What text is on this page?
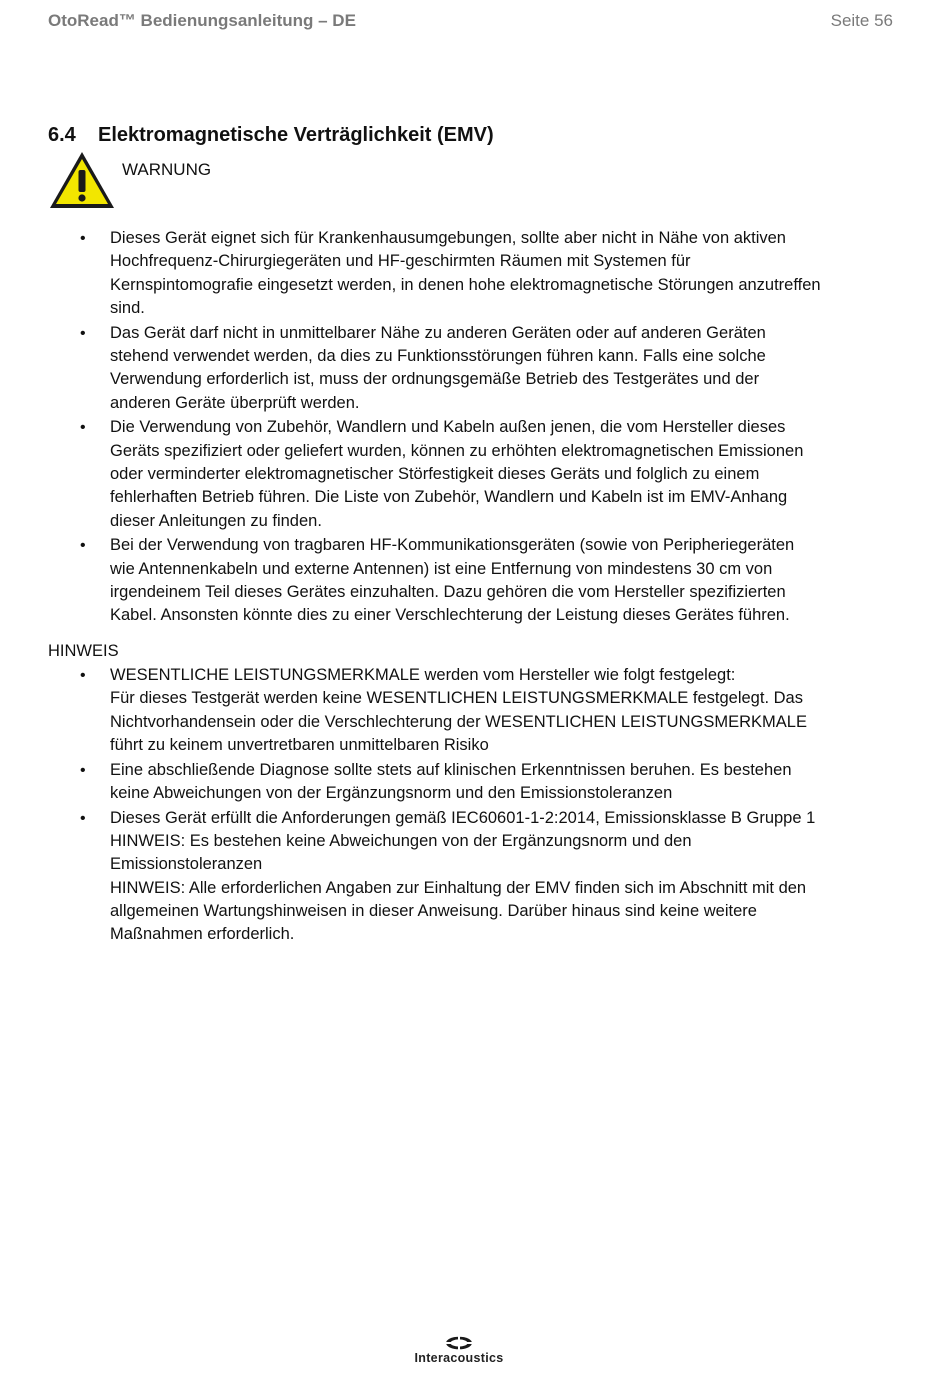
OtoRead™ Bedienungsanleitung – DE	Seite 56
6.4 Elektromagnetische Verträglichkeit (EMV)
WARNUNG
• Dieses Gerät eignet sich für Krankenhausumgebungen, sollte aber nicht in Nähe von aktiven
Hochfrequenz-Chirurgiegeräten und HF-geschirmten Räumen mit Systemen für
Kernspintomografie eingesetzt werden, in denen hohe elektromagnetische Störungen anzutreffen
sind.
• Das Gerät darf nicht in unmittelbarer Nähe zu anderen Geräten oder auf anderen Geräten
stehend verwendet werden, da dies zu Funktionsstörungen führen kann. Falls eine solche
Verwendung erforderlich ist, muss der ordnungsgemäße Betrieb des Testgerätes und der
anderen Geräte überprüft werden.
• Die Verwendung von Zubehör, Wandlern und Kabeln außen jenen, die vom Hersteller dieses
Geräts spezifiziert oder geliefert wurden, können zu erhöhten elektromagnetischen Emissionen
oder verminderter elektromagnetischer Störfestigkeit dieses Geräts und folglich zu einem
fehlerhaften Betrieb führen. Die Liste von Zubehör, Wandlern und Kabeln ist im EMV-Anhang
dieser Anleitungen zu finden.
• Bei der Verwendung von tragbaren HF-Kommunikationsgeräten (sowie von Peripheriegeräten
wie Antennenkabeln und externe Antennen) ist eine Entfernung von mindestens 30 cm von
irgendeinem Teil dieses Gerätes einzuhalten. Dazu gehören die vom Hersteller spezifizierten
Kabel. Ansonsten könnte dies zu einer Verschlechterung der Leistung dieses Gerätes führen.
HINWEIS
• WESENTLICHE LEISTUNGSMERKMALE werden vom Hersteller wie folgt festgelegt:
Für dieses Testgerät werden keine WESENTLICHEN LEISTUNGSMERKMALE festgelegt. Das
Nichtvorhandensein oder die Verschlechterung der WESENTLICHEN LEISTUNGSMERKMALE
führt zu keinem unvertretbaren unmittelbaren Risiko
• Eine abschließende Diagnose sollte stets auf klinischen Erkenntnissen beruhen. Es bestehen
keine Abweichungen von der Ergänzungsnorm und den Emissionstoleranzen
• Dieses Gerät erfüllt die Anforderungen gemäß IEC60601-1-2:2014, Emissionsklasse B Gruppe 1
HINWEIS: Es bestehen keine Abweichungen von der Ergänzungsnorm und den
Emissionstoleranzen
HINWEIS: Alle erforderlichen Angaben zur Einhaltung der EMV finden sich im Abschnitt mit den
allgemeinen Wartungshinweisen in dieser Anweisung. Darüber hinaus sind keine weitere
Maßnahmen erforderlich.
Interacoustics
